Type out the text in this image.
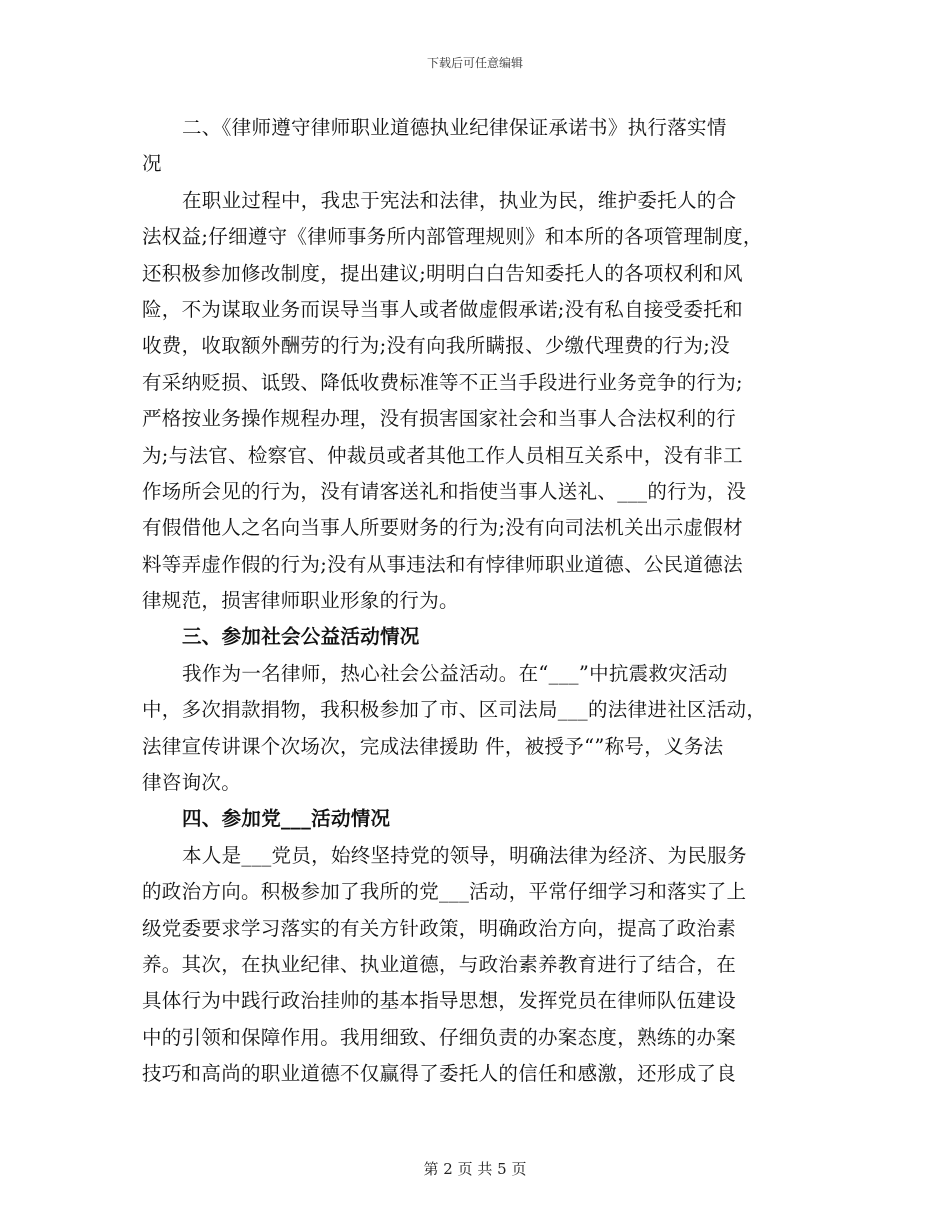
下载后可任意编辑
二、《律师遵守律师职业道德执业纪律保证承诺书》执行落实情
况
在职业过程中，我忠于宪法和法律，执业为民，维护委托人的合
法权益;仔细遵守《律师事务所内部管理规则》和本所的各项管理制度，
还积极参加修改制度，提出建议;明明白白告知委托人的各项权利和风
险，不为谋取业务而误导当事人或者做虚假承诺;没有私自接受委托和
收费，收取额外酬劳的行为;没有向我所瞒报、少缴代理费的行为;没
有采纳贬损、诋毁、降低收费标准等不正当手段进行业务竞争的行为;
严格按业务操作规程办理，没有损害国家社会和当事人合法权利的行
为;与法官、检察官、仲裁员或者其他工作人员相互关系中，没有非工
作场所会见的行为，没有请客送礼和指使当事人送礼、___的行为，没
有假借他人之名向当事人所要财务的行为;没有向司法机关出示虚假材
料等弄虚作假的行为;没有从事违法和有悖律师职业道德、公民道德法
律规范，损害律师职业形象的行为。
三、参加社会公益活动情况
我作为一名律师，热心社会公益活动。在“___”中抗震救灾活动
中，多次捐款捐物，我积极参加了市、区司法局___的法律进社区活动，
法律宣传讲课个次场次，完成法律援助 件，被授予“”称号，义务法
律咨询次。
四、参加党___活动情况
本人是___党员，始终坚持党的领导，明确法律为经济、为民服务
的政治方向。积极参加了我所的党___活动，平常仔细学习和落实了上
级党委要求学习落实的有关方针政策，明确政治方向，提高了政治素
养。其次，在执业纪律、执业道德，与政治素养教育进行了结合，在
具体行为中践行政治挂帅的基本指导思想，发挥党员在律师队伍建设
中的引领和保障作用。我用细致、仔细负责的办案态度，熟练的办案
技巧和高尚的职业道德不仅赢得了委托人的信任和感激，还形成了良
第 2 页 共 5 页
